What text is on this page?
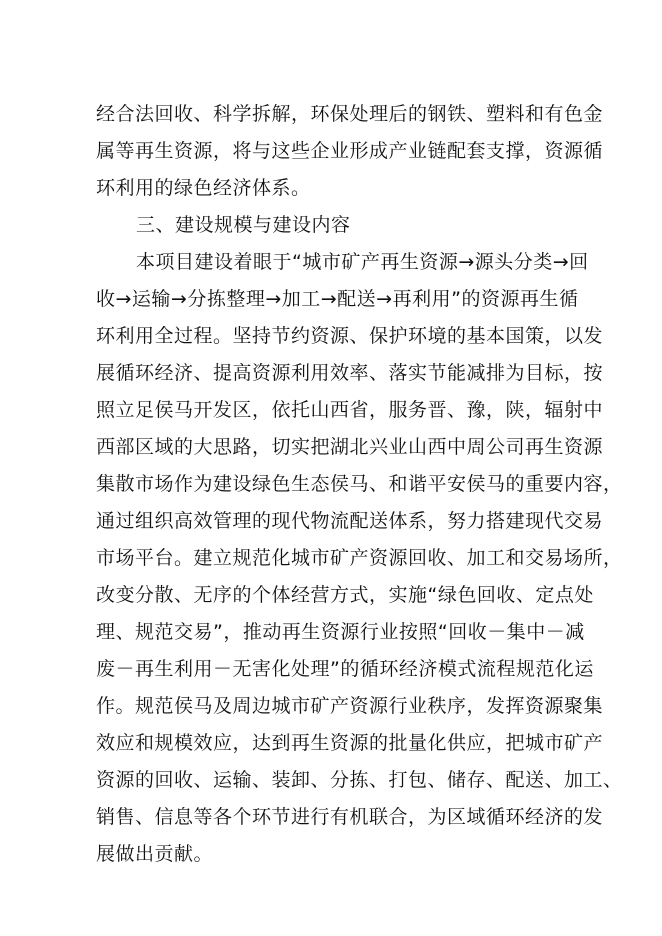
经合法回收、科学拆解，环保处理后的钢铁、塑料和有色金
属等再生资源，将与这些企业形成产业链配套支撑，资源循
环利用的绿色经济体系。
三、建设规模与建设内容
本项目建设着眼于“城市矿产再生资源→源头分类→回
收→运输→分拣整理→加工→配送→再利用”的资源再生循
环利用全过程。坚持节约资源、保护环境的基本国策，以发
展循环经济、提高资源利用效率、落实节能减排为目标，按
照立足侯马开发区，依托山西省，服务晋、豫，陕，辐射中
西部区域的大思路，切实把湖北兴业山西中周公司再生资源
集散市场作为建设绿色生态侯马、和谐平安侯马的重要内容，
通过组织高效管理的现代物流配送体系，努力搭建现代交易
市场平台。建立规范化城市矿产资源回收、加工和交易场所，
改变分散、无序的个体经营方式，实施“绿色回收、定点处
理、规范交易”，推动再生资源行业按照“回收－集中－减
废－再生利用－无害化处理”的循环经济模式流程规范化运
作。规范侯马及周边城市矿产资源行业秩序，发挥资源聚集
效应和规模效应，达到再生资源的批量化供应，把城市矿产
资源的回收、运输、装卸、分拣、打包、储存、配送、加工、
销售、信息等各个环节进行有机联合，为区域循环经济的发
展做出贡献。
